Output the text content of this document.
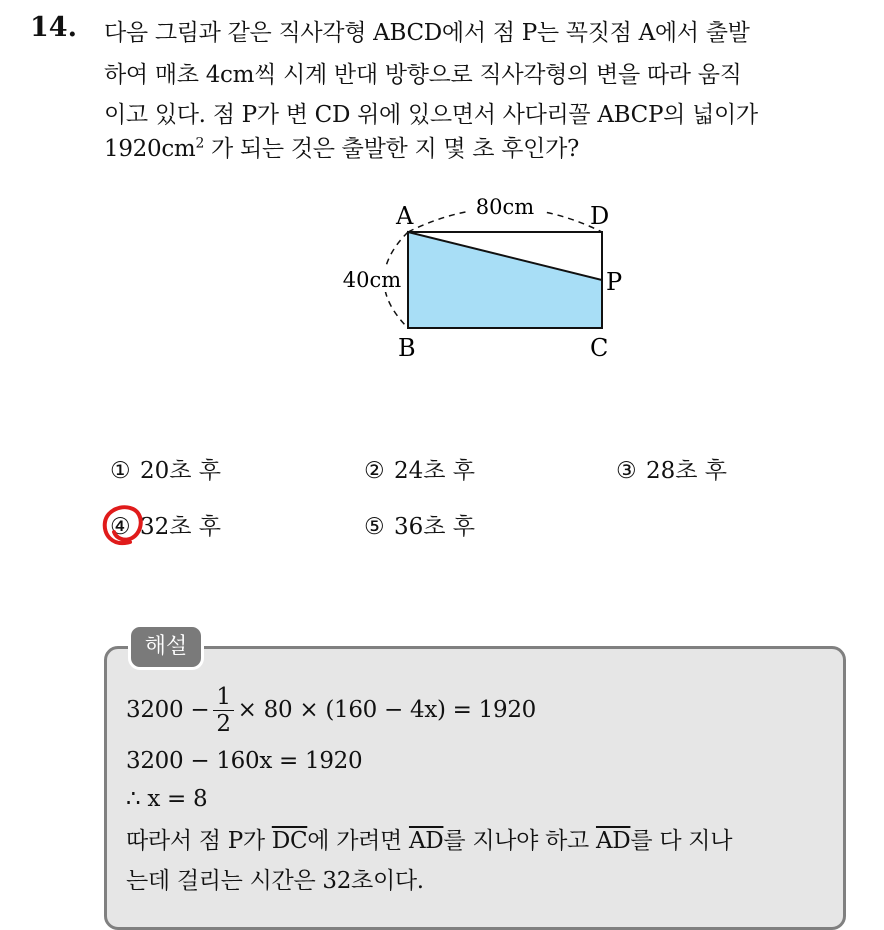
14. 다음 그림과 같은 직사각형 ABCD에서 점 P는 꼭짓점 A에서 출발
하여 매초 4cm씩 시계 반대 방향으로 직사각형의 변을 따라 움직
이고 있다. 점 P가 변 CD 위에 있으면서 사다리꼴 ABCP의 넓이가
$1920cm^2$ 가 되는 것은 출발한 지 몇 초 후인가?
80cm
40cm
A	D
P
B	C
① 20초 후	② 24초 후	③ 28초 후
④ 32초 후	⑤ 36초 후
해설
$3200 - \frac{1}{2} \times 80 \times (160 - 4x) = 1920$
3200 − 160x = 1920
∴ x = 8
따라서 점 P가 $\overline{DC}$에 가려면 $\overline{AD}$를 지나야 하고 $\overline{AD}$를 다 지나
는데 걸리는 시간은 32초이다.
